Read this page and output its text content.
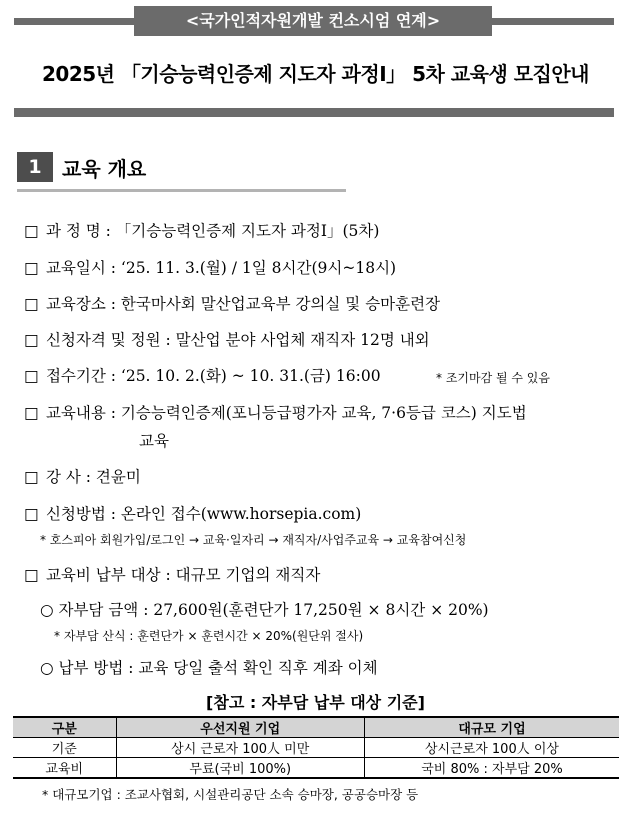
<국가인적자원개발 컨소시엄 연계>
2025년 「기승능력인증제 지도자 과정Ⅰ」 5차 교육생 모집안내
1	교육 개요
□ 과 정 명 : 「기승능력인증제 지도자 과정Ⅰ」(5차)
□ 교육일시 : ‘25. 11. 3.(월) / 1일 8시간(9시~18시)
□ 교육장소 : 한국마사회 말산업교육부 강의실 및 승마훈련장
□ 신청자격 및 정원 : 말산업 분야 사업체 재직자 12명 내외
□ 접수기간 : ‘25. 10. 2.(화) ~ 10. 31.(금) 16:00	* 조기마감 될 수 있음
□ 교육내용 : 기승능력인증제(포니등급평가자 교육, 7·6등급 코스) 지도법
교육
□ 강 사 : 견윤미
□ 신청방법 : 온라인 접수(www.horsepia.com)
* 호스피아 회원가입/로그인 → 교육·일자리 → 재직자/사업주교육 → 교육참여신청
□ 교육비 납부 대상 : 대규모 기업의 재직자
○ 자부담 금액 : 27,600원(훈련단가 17,250원 × 8시간 × 20%)
* 자부담 산식 : 훈련단가 × 훈련시간 × 20%(원단위 절사)
○ 납부 방법 : 교육 당일 출석 확인 직후 계좌 이체
[참고 : 자부담 납부 대상 기준]
구분	우선지원 기업	대규모 기업
기준	상시 근로자 100人 미만	상시근로자 100人 이상
교육비	무료(국비 100%)	국비 80% : 자부담 20%
* 대규모기업 : 조교사협회, 시설관리공단 소속 승마장, 공공승마장 등
